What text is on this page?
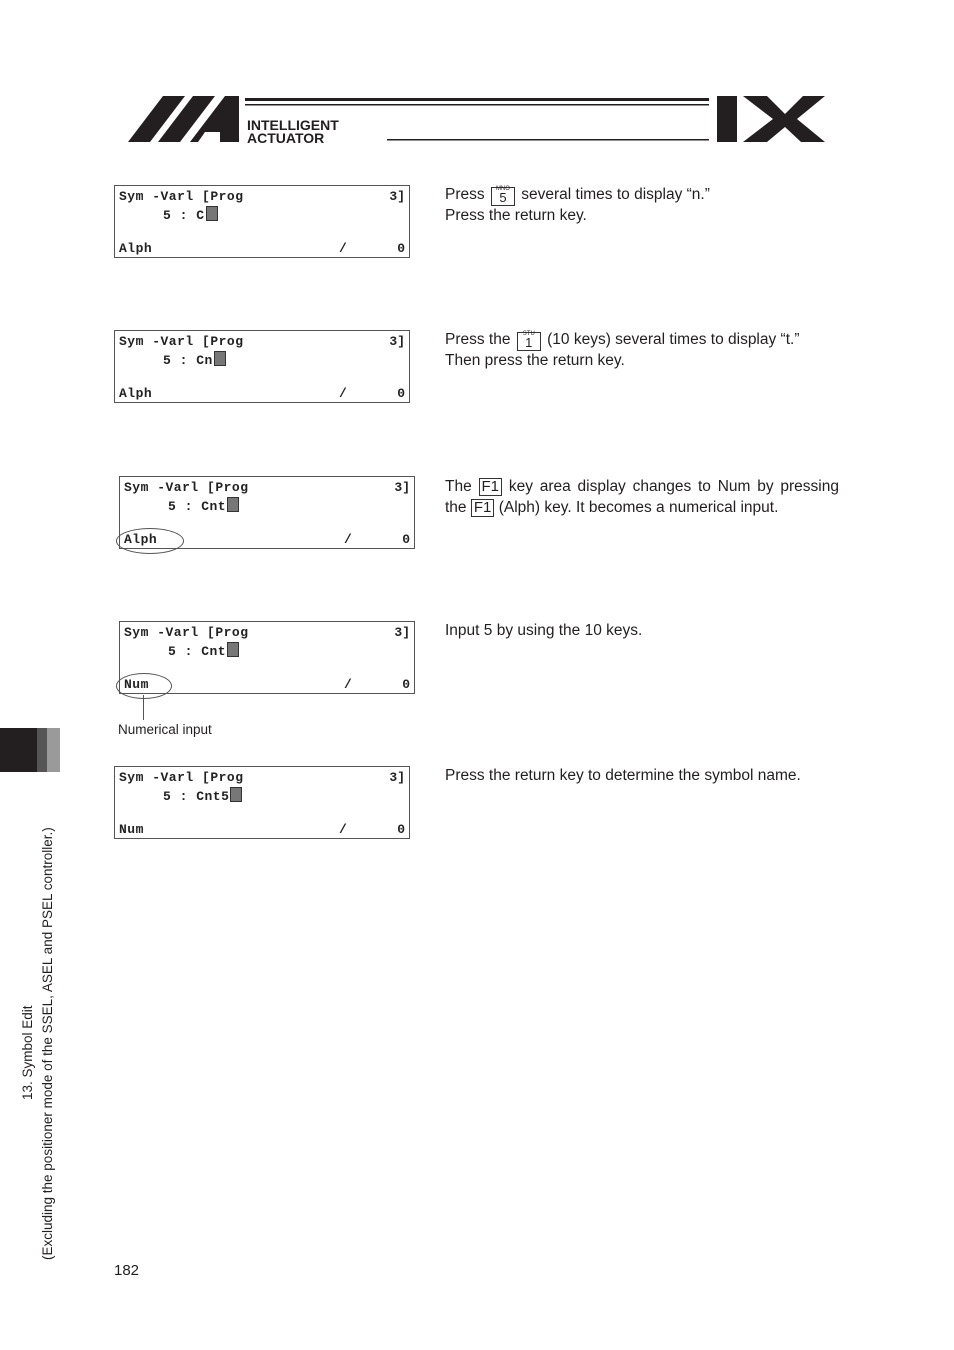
INTELLIGENT
ACTUATOR
Sym -Varl [Prog	3]
5 : C
Alph	/	0

Press	MNO
5 several times to display “n.”

Press the return key.

Sym -Varl [Prog	3]
5 : Cn
Alph	/	0

Press the	STU
1 (10 keys) several times to display “t.”

Then press the return key.

Sym -Varl [Prog	3]
5 : Cnt
Alph	/	0

The F1 key area display changes to Num by pressing the F1 (Alph) key. It becomes a numerical input.

Sym -Varl [Prog	3]
5 : Cnt
Num	/	0

Input 5 by using the 10 keys.

Numerical input
Sym -Varl [Prog	3]
5 : Cnt5
Num	/	0

Press the return key to determine the symbol name.

13. Symbol Edit (Excluding the positioner mode of the SSEL, ASEL and PSEL controller.)
182
